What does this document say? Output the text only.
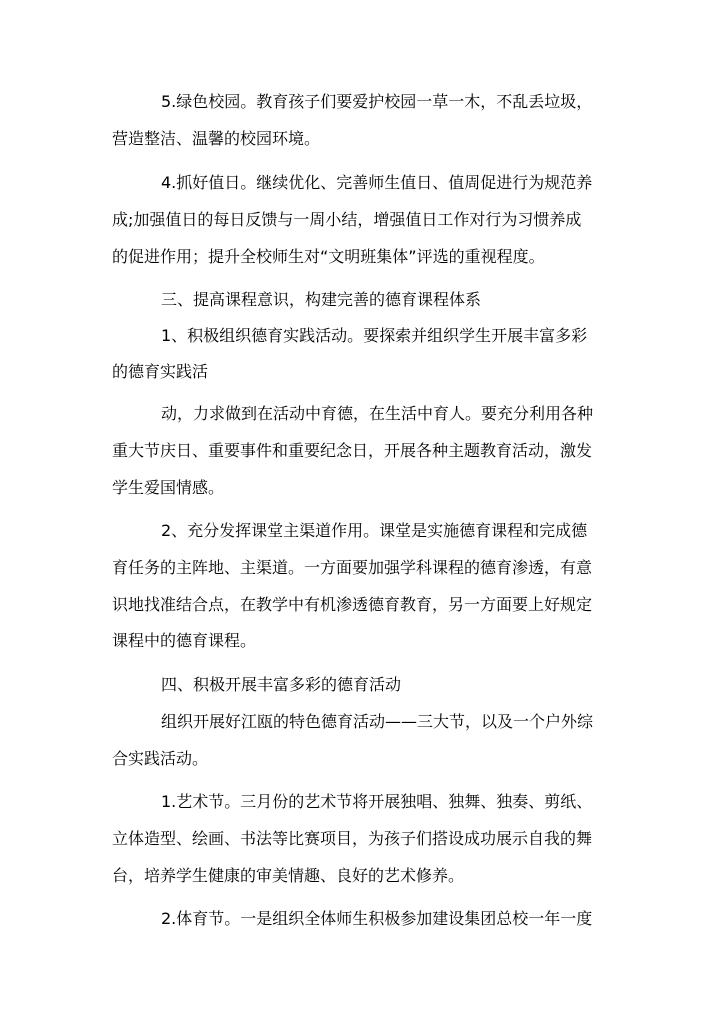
5.绿色校园。教育孩子们要爱护校园一草一木，不乱丢垃圾，
营造整洁、温馨的校园环境。
4.抓好值日。继续优化、完善师生值日、值周促进行为规范养
成;加强值日的每日反馈与一周小结，增强值日工作对行为习惯养成
的促进作用；提升全校师生对“文明班集体”评选的重视程度。
三、提高课程意识，构建完善的德育课程体系
1、积极组织德育实践活动。要探索并组织学生开展丰富多彩
的德育实践活
动，力求做到在活动中育德，在生活中育人。要充分利用各种
重大节庆日、重要事件和重要纪念日，开展各种主题教育活动，激发
学生爱国情感。
2、充分发挥课堂主渠道作用。课堂是实施德育课程和完成德
育任务的主阵地、主渠道。一方面要加强学科课程的德育渗透，有意
识地找准结合点，在教学中有机渗透德育教育，另一方面要上好规定
课程中的德育课程。
四、积极开展丰富多彩的德育活动
组织开展好江瓯的特色德育活动——三大节，以及一个户外综
合实践活动。
1.艺术节。三月份的艺术节将开展独唱、独舞、独奏、剪纸、
立体造型、绘画、书法等比赛项目，为孩子们搭设成功展示自我的舞
台，培养学生健康的审美情趣、良好的艺术修养。
2.体育节。一是组织全体师生积极参加建设集团总校一年一度
